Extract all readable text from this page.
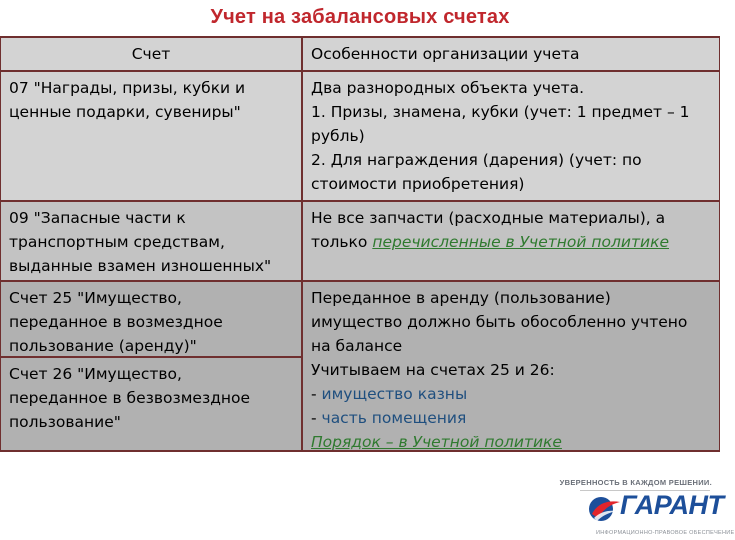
Учет на забалансовых счетах
Счет	Особенности организации учета
07 "Награды, призы, кубки и
ценные подарки, сувениры"
Два разнородных объекта учета.
1. Призы, знамена, кубки (учет: 1 предмет – 1
рубль)
2. Для награждения (дарения) (учет: по
стоимости приобретения)
09 "Запасные части к
транспортным средствам,
выданные взамен изношенных"
Не все запчасти (расходные материалы), а
только перечисленные в Учетной политике
Счет 25 "Имущество,
переданное в возмездное
пользование (аренду)"
Счет 26 "Имущество,
переданное в безвозмездное
пользование"
Переданное в аренду (пользование)
имущество должно быть обособленно учтено
на балансе
Учитываем на счетах 25 и 26:
- имущество казны
- часть помещения
Порядок – в Учетной политике
УВЕРЕННОСТЬ В КАЖДОМ РЕШЕНИИ.
ГАРАНТ
ИНФОРМАЦИОННО-ПРАВОВОЕ ОБЕСПЕЧЕНИЕ
